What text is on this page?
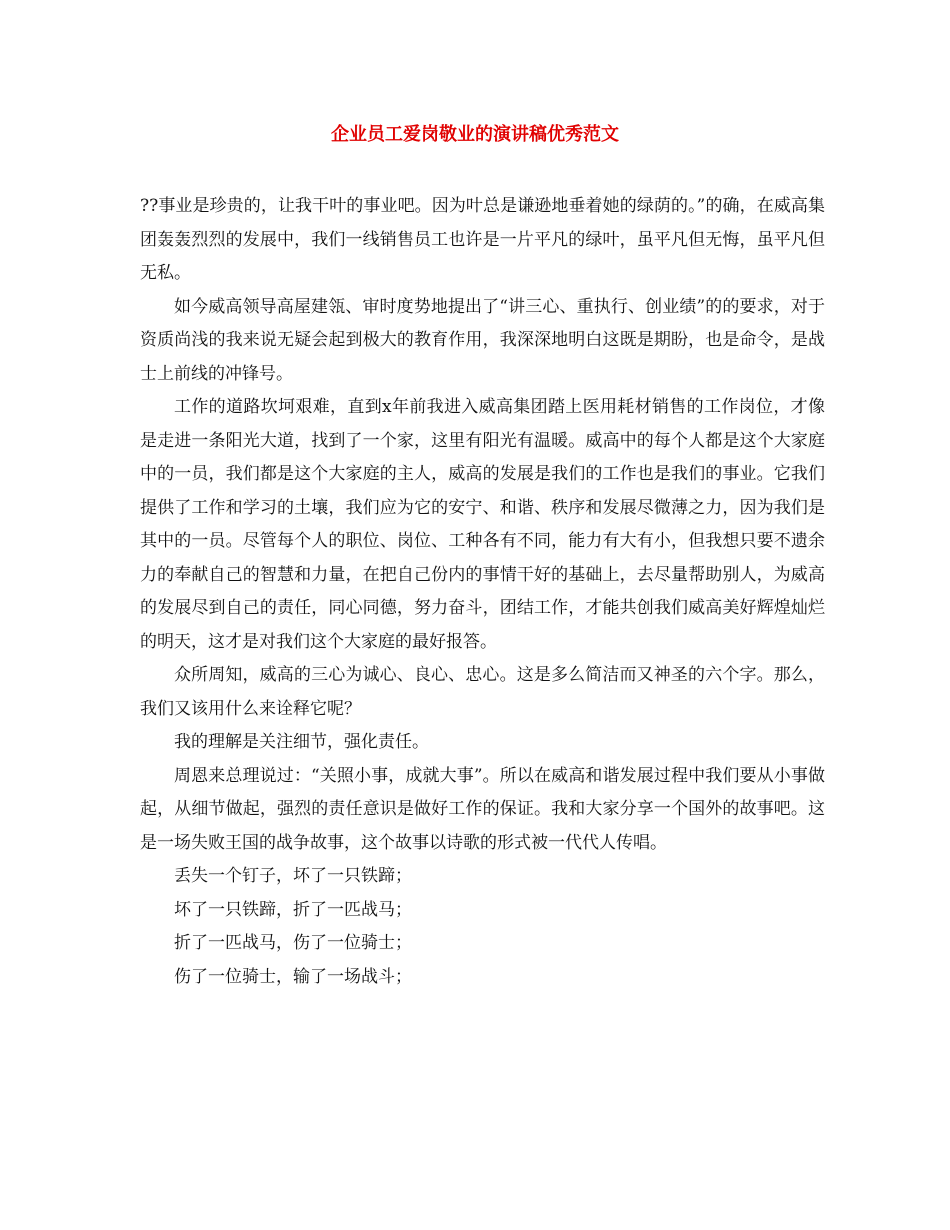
企业员工爱岗敬业的演讲稿优秀范文

??事业是珍贵的，让我干叶的事业吧。因为叶总是谦逊地垂着她的绿荫的。”的确，在威高集团轰轰烈烈的发展中，我们一线销售员工也许是一片平凡的绿叶，虽平凡但无悔，虽平凡但无私。

如今威高领导高屋建瓴、审时度势地提出了“讲三心、重执行、创业绩”的的要求，对于资质尚浅的我来说无疑会起到极大的教育作用，我深深地明白这既是期盼，也是命令，是战士上前线的冲锋号。

工作的道路坎坷艰难，直到x年前我进入威高集团踏上医用耗材销售的工作岗位，才像是走进一条阳光大道，找到了一个家，这里有阳光有温暖。威高中的每个人都是这个大家庭中的一员，我们都是这个大家庭的主人，威高的发展是我们的工作也是我们的事业。它我们提供了工作和学习的土壤，我们应为它的安宁、和谐、秩序和发展尽微薄之力，因为我们是其中的一员。尽管每个人的职位、岗位、工种各有不同，能力有大有小，但我想只要不遗余力的奉献自己的智慧和力量，在把自己份内的事情干好的基础上，去尽量帮助别人，为威高的发展尽到自己的责任，同心同德，努力奋斗，团结工作，才能共创我们威高美好辉煌灿烂的明天，这才是对我们这个大家庭的最好报答。

众所周知，威高的三心为诚心、良心、忠心。这是多么简洁而又神圣的六个字。那么，我们又该用什么来诠释它呢？

我的理解是关注细节，强化责任。

周恩来总理说过：“关照小事，成就大事”。所以在威高和谐发展过程中我们要从小事做起，从细节做起，强烈的责任意识是做好工作的保证。我和大家分享一个国外的故事吧。这是一场失败王国的战争故事，这个故事以诗歌的形式被一代代人传唱。

丢失一个钉子，坏了一只铁蹄；

坏了一只铁蹄，折了一匹战马；

折了一匹战马，伤了一位骑士；

伤了一位骑士，输了一场战斗；
